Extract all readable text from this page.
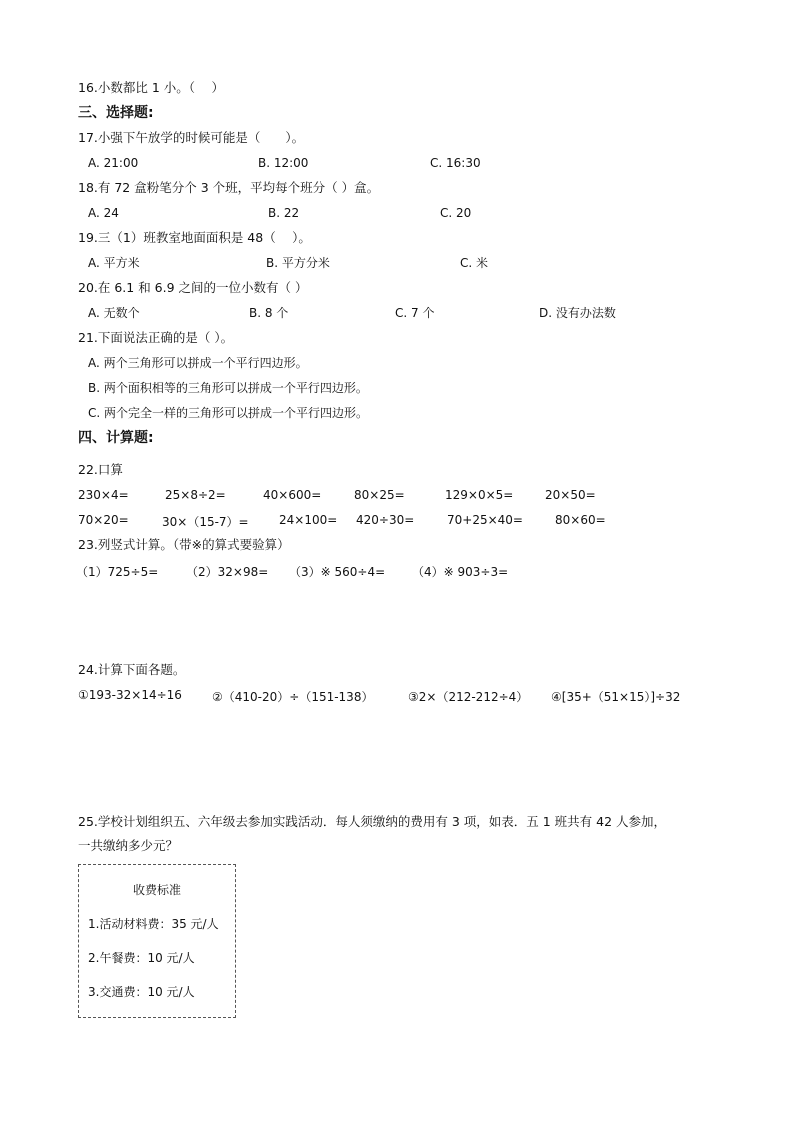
16.小数都比 1 小。（　 ）
三、选择题:
17.小强下午放学的时候可能是（　　）。
A. 21:00	B. 12:00	C. 16:30
18.有 72 盒粉笔分个 3 个班，平均每个班分（ ）盒。
A. 24	B. 22	C. 20
19.三（1）班教室地面面积是 48（　 ）。
A. 平方米	B. 平方分米	C. 米
20.在 6.1 和 6.9 之间的一位小数有（ ）
A. 无数个	B. 8 个	C. 7 个	D. 没有办法数
21.下面说法正确的是（ ）。
A. 两个三角形可以拼成一个平行四边形。
B. 两个面积相等的三角形可以拼成一个平行四边形。
C. 两个完全一样的三角形可以拼成一个平行四边形。
四、计算题:
22.口算
230×4=	25×8÷2=	40×600=	80×25=	129×0×5=	20×50=
70×20=	30×（15-7）=	24×100= 420÷30=	70+25×40=	80×60=
23.列竖式计算。（带※的算式要验算）
（1）725÷5= （2）32×98= （3）※ 560÷4= （4）※ 903÷3=
24.计算下面各题。
①193-32×14÷16	②（410-20）÷（151-138）	③2×（212-212÷4） ④[35+（51×15）]÷32
25.学校计划组织五、六年级去参加实践活动．每人须缴纳的费用有 3 项，如表．五 1 班共有 42 人参加，
一共缴纳多少元？
收费标准
1.活动材料费：35 元/人
2.午餐费：10 元/人
3.交通费：10 元/人
